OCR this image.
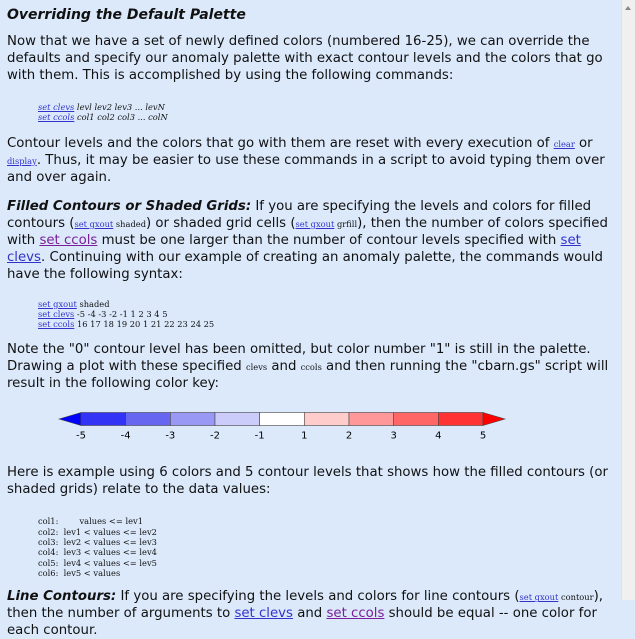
Overriding the Default Palette

Now that we have a set of newly defined colors (numbered 16-25), we can override the defaults and specify our anomaly palette with exact contour levels and the colors that go with them. This is accomplished by using the following commands:

set clevs levl lev2 lev3 ... levN
set ccols col1 col2 col3 ... colN

Contour levels and the colors that go with them are reset with every execution of clear or display. Thus, it may be easier to use these commands in a script to avoid typing them over and over again.

Filled Contours or Shaded Grids: If you are specifying the levels and colors for filled contours (set gxout shaded) or shaded grid cells (set gxout grfill), then the number of colors specified with set ccols must be one larger than the number of contour levels specified with set clevs. Continuing with our example of creating an anomaly palette, the commands would have the following syntax:

set gxout shaded
set clevs -5 -4 -3 -2 -1 1 2 3 4 5
set ccols 16 17 18 19 20 1 21 22 23 24 25

Note the "0" contour level has been omitted, but color number "1" is still in the palette. Drawing a plot with these specified clevs and ccols and then running the "cbarn.gs" script will result in the following color key:

-5	-4	-3	-2	-1	1	2	3	4	5

Here is example using 6 colors and 5 contour levels that shows how the filled contours (or shaded grids) relate to the data values:

col1:        values <= lev1
col2:  lev1 < values <= lev2
col3:  lev2 < values <= lev3
col4:  lev3 < values <= lev4
col5:  lev4 < values <= lev5
col6:  lev5 < values

Line Contours: If you are specifying the levels and colors for line contours (set gxout contour), then the number of arguments to set clevs and set ccols should be equal -- one color for each contour.
